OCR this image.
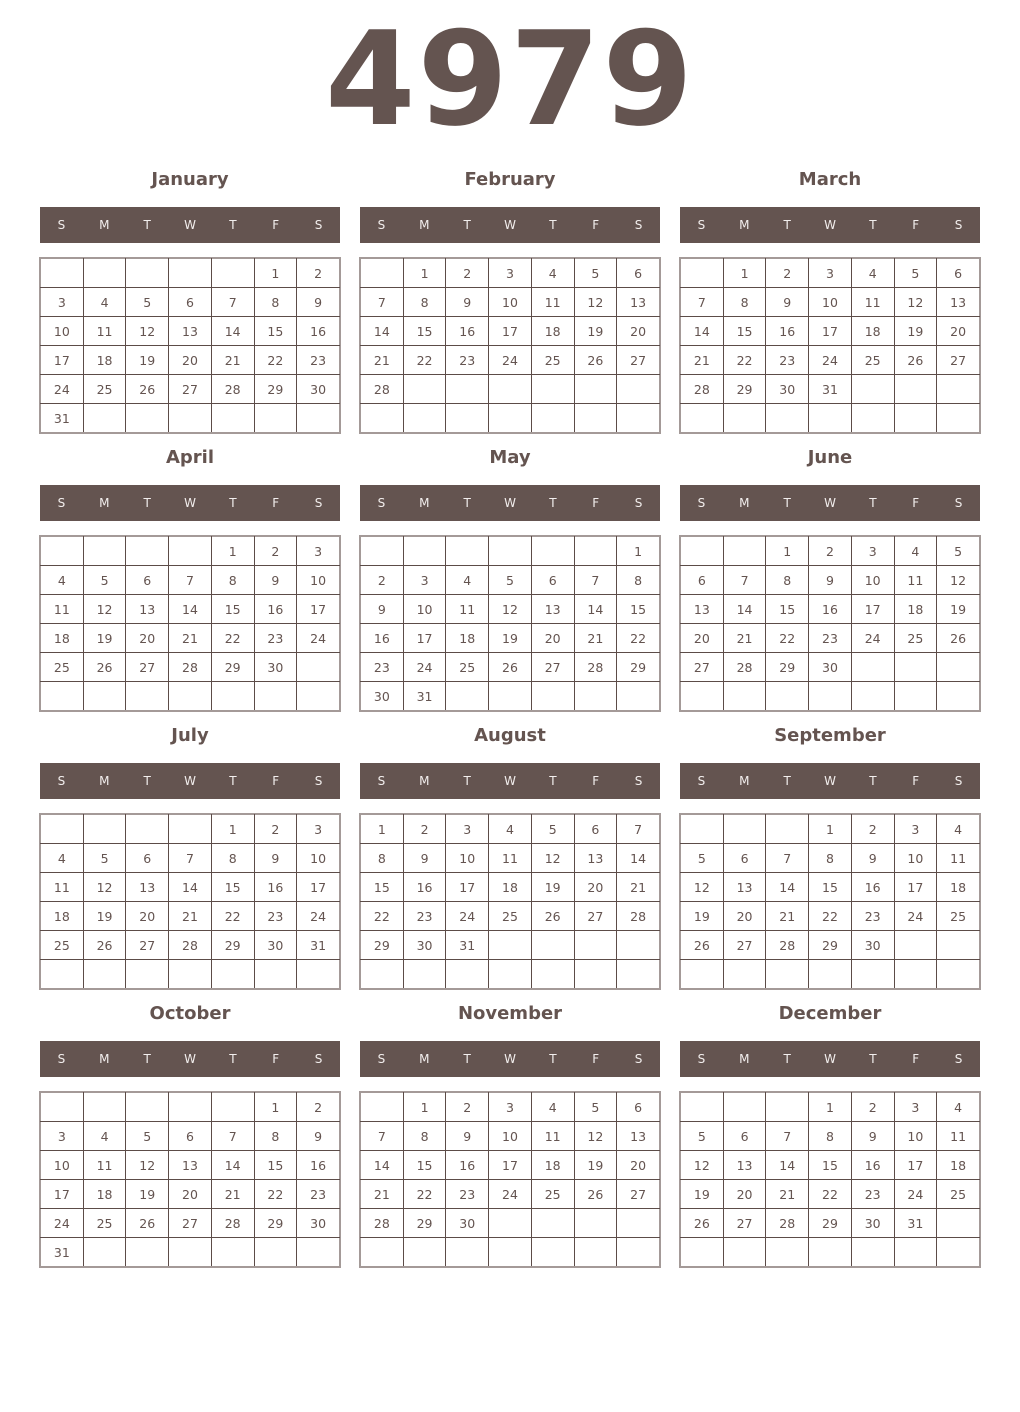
4979
January
S	M	T	W	T	F	S
					1	2
3	4	5	6	7	8	9
10	11	12	13	14	15	16
17	18	19	20	21	22	23
24	25	26	27	28	29	30
31						
February
S	M	T	W	T	F	S
	1	2	3	4	5	6
7	8	9	10	11	12	13
14	15	16	17	18	19	20
21	22	23	24	25	26	27
28						

March
S	M	T	W	T	F	S
	1	2	3	4	5	6
7	8	9	10	11	12	13
14	15	16	17	18	19	20
21	22	23	24	25	26	27
28	29	30	31			

April
S	M	T	W	T	F	S
				1	2	3
4	5	6	7	8	9	10
11	12	13	14	15	16	17
18	19	20	21	22	23	24
25	26	27	28	29	30	

May
S	M	T	W	T	F	S
						1
2	3	4	5	6	7	8
9	10	11	12	13	14	15
16	17	18	19	20	21	22
23	24	25	26	27	28	29
30	31					
June
S	M	T	W	T	F	S
		1	2	3	4	5
6	7	8	9	10	11	12
13	14	15	16	17	18	19
20	21	22	23	24	25	26
27	28	29	30			

July
S	M	T	W	T	F	S
				1	2	3
4	5	6	7	8	9	10
11	12	13	14	15	16	17
18	19	20	21	22	23	24
25	26	27	28	29	30	31

August
S	M	T	W	T	F	S
1	2	3	4	5	6	7
8	9	10	11	12	13	14
15	16	17	18	19	20	21
22	23	24	25	26	27	28
29	30	31				

September
S	M	T	W	T	F	S
			1	2	3	4
5	6	7	8	9	10	11
12	13	14	15	16	17	18
19	20	21	22	23	24	25
26	27	28	29	30		

October
S	M	T	W	T	F	S
					1	2
3	4	5	6	7	8	9
10	11	12	13	14	15	16
17	18	19	20	21	22	23
24	25	26	27	28	29	30
31						
November
S	M	T	W	T	F	S
	1	2	3	4	5	6
7	8	9	10	11	12	13
14	15	16	17	18	19	20
21	22	23	24	25	26	27
28	29	30				

December
S	M	T	W	T	F	S
			1	2	3	4
5	6	7	8	9	10	11
12	13	14	15	16	17	18
19	20	21	22	23	24	25
26	27	28	29	30	31	
